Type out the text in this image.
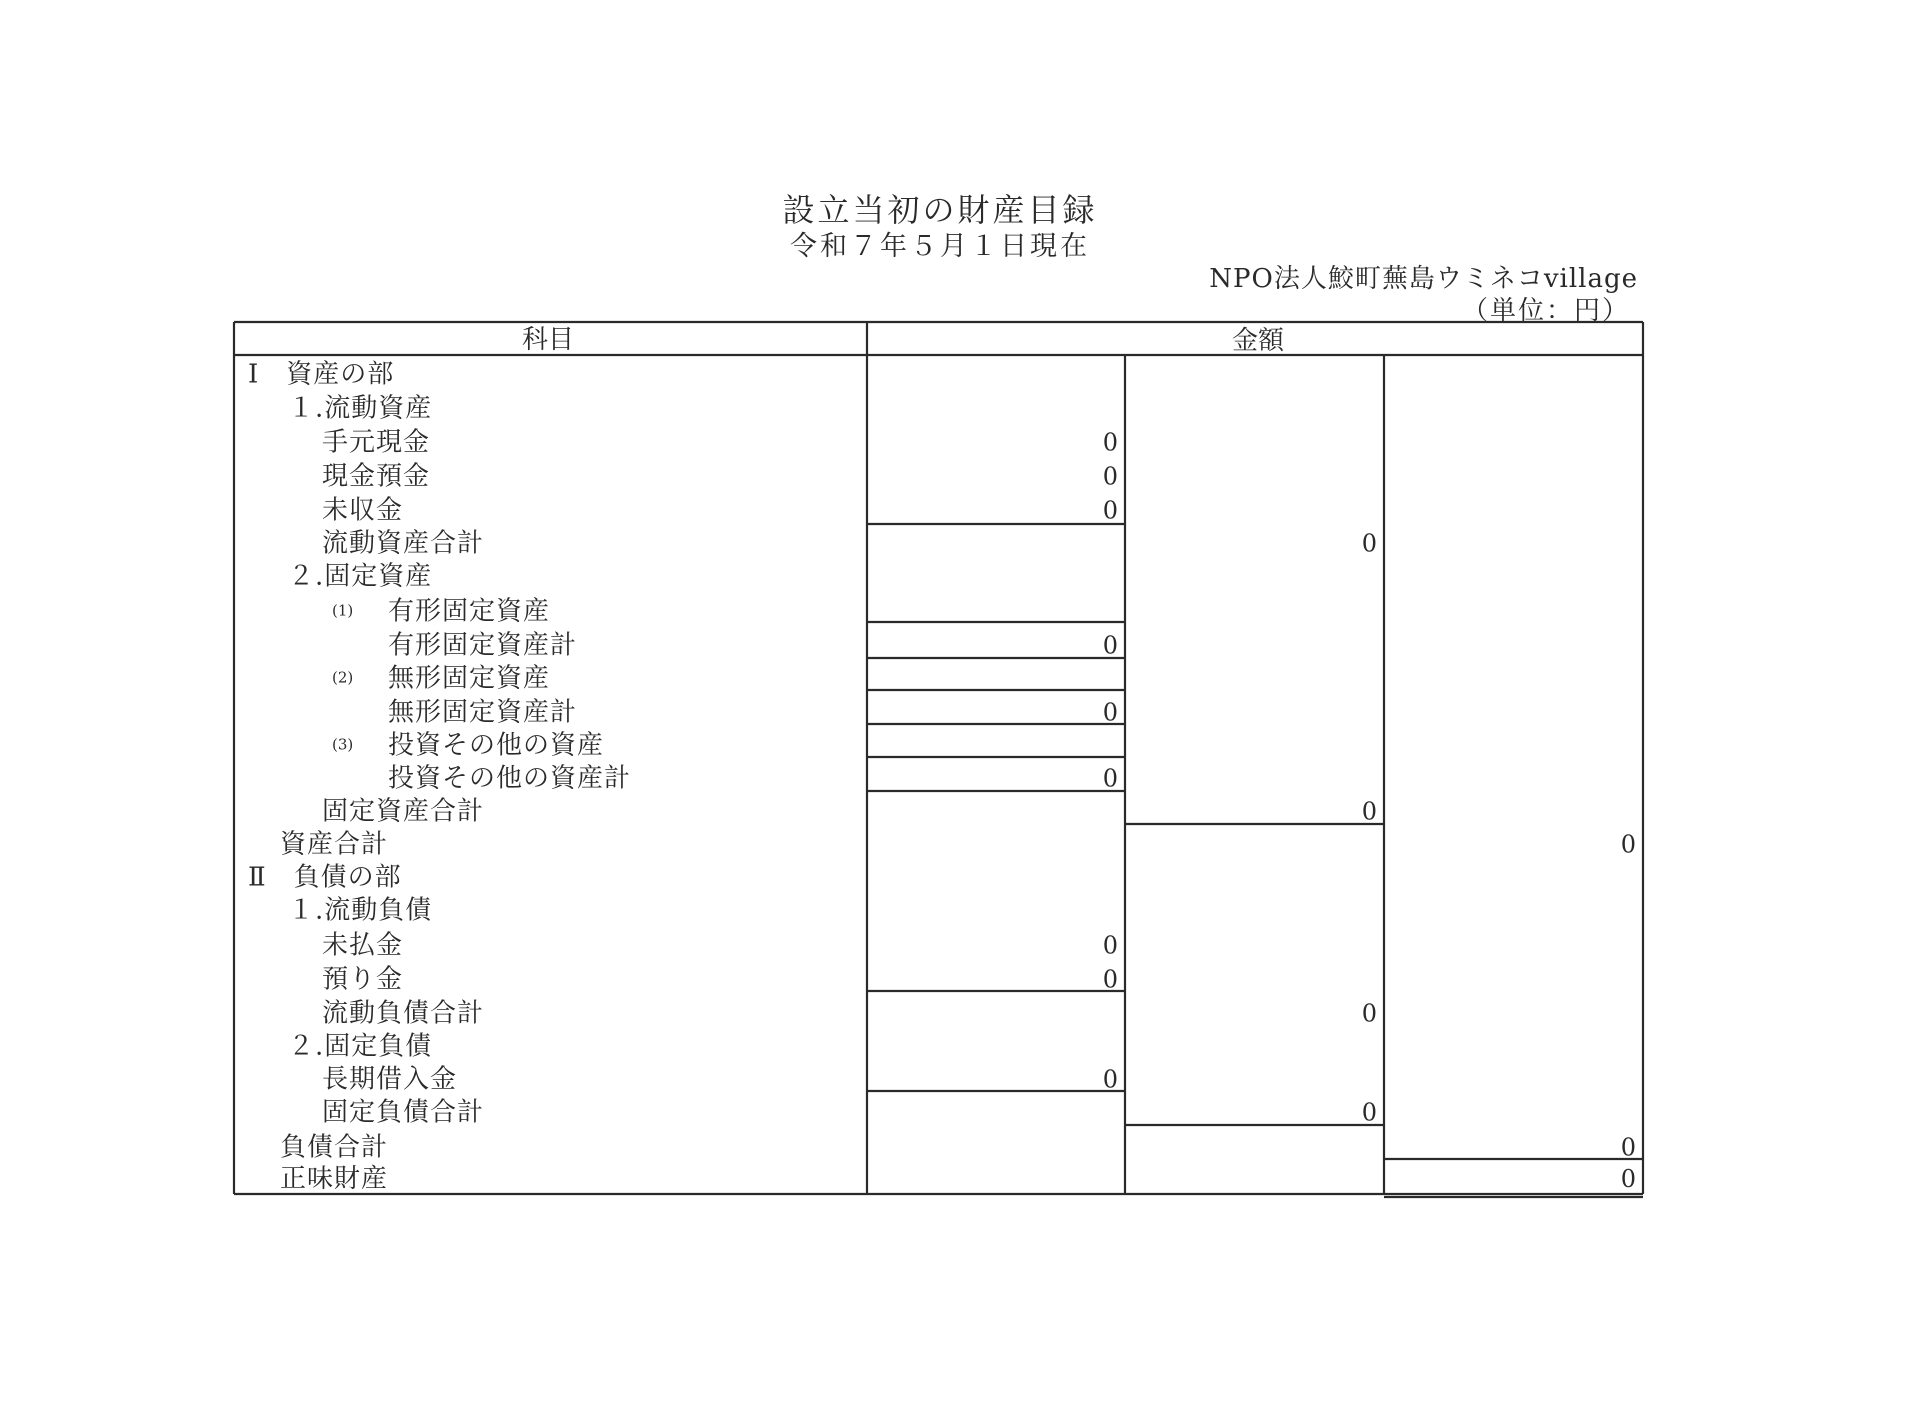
設立当初の財産目録
令和７年５月１日現在
NPO法人鮫町蕪島ウミネコvillage
（単位：円）
科目	金額
Ⅰ　資産の部
１.流動資産
手元現金
現金預金
未収金
流動資産合計
２.固定資産
(1) 有形固定資産
有形固定資産計
(2) 無形固定資産
無形固定資産計
(3) 投資その他の資産
投資その他の資産計
固定資産合計
資産合計
Ⅱ　負債の部
１.流動負債
未払金
預り金
流動負債合計
２.固定負債
長期借入金
固定負債合計
負債合計
正味財産
0
0
0
0
0
0
0
0
0
0
0
0
0
0
0
0
